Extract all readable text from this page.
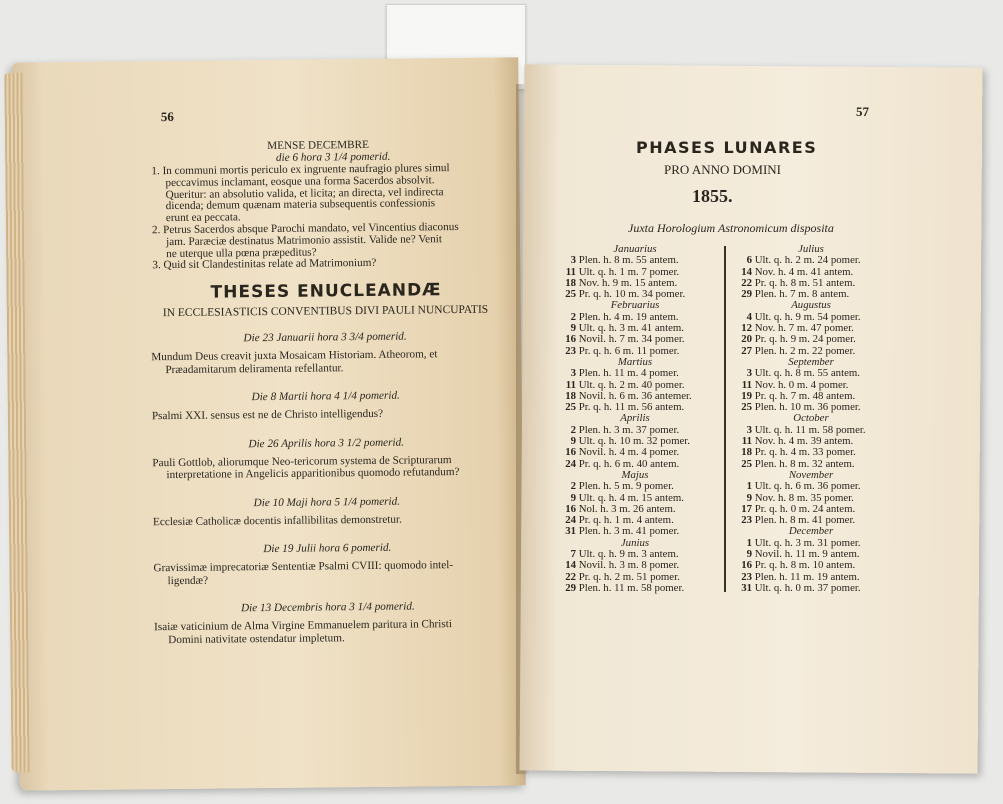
56
MENSE DECEMBRE
die 6 hora 3 1/4 pomerid.
1. In communi mortis periculo ex ingruente naufragio plures simul
peccavimus inclamant, eosque una forma Sacerdos absolvit.
Queritur: an absolutio valida, et licita; an directa, vel indirecta
dicenda; demum quænam materia subsequentis confessionis
erunt ea peccata.
2. Petrus Sacerdos absque Parochi mandato, vel Vincentius diaconus
jam. Paræciæ destinatus Matrimonio assistit. Valide ne? Venit
ne uterque ulla pœna præpeditus?
3. Quid sit Clandestinitas relate ad Matrimonium?
THESES ENUCLEANDÆ
IN ECCLESIASTICIS CONVENTIBUS DIVI PAULI NUNCUPATIS
Die 23 Januarii hora 3 3/4 pomerid.
Mundum Deus creavit juxta Mosaicam Historiam. Atheorom, et
Præadamitarum deliramenta refellantur.
Die 8 Martii hora 4 1/4 pomerid.
Psalmi XXI. sensus est ne de Christo intelligendus?
Die 26 Aprilis hora 3 1/2 pomerid.
Pauli Gottlob, aliorumque Neo-tericorum systema de Scripturarum
interpretatione in Angelicis apparitionibus quomodo refutandum?
Die 10 Maji hora 5 1/4 pomerid.
Ecclesiæ Catholicæ docentis infallibilitas demonstretur.
Die 19 Julii hora 6 pomerid.
Gravissimæ imprecatoriæ Sententiæ Psalmi CVIII: quomodo intel-
ligendæ?
Die 13 Decembris hora 3 1/4 pomerid.
Isaiæ vaticinium de Alma Virgine Emmanuelem paritura in Christi
Domini nativitate ostendatur impletum.
57
PHASES LUNARES
PRO ANNO DOMINI
1855.
Juxta Horologium Astronomicum disposita
Januarius
3 Plen. h. 8 m. 55 antem.
11 Ult. q. h. 1 m. 7 pomer.
18 Nov. h. 9 m. 15 antem.
25 Pr. q. h. 10 m. 34 pomer.
Februarius
2 Plen. h. 4 m. 19 antem.
9 Ult. q. h. 3 m. 41 antem.
16 Novil. h. 7 m. 34 pomer.
23 Pr. q. h. 6 m. 11 pomer.
Martius
3 Plen. h. 11 m. 4 pomer.
11 Ult. q. h. 2 m. 40 pomer.
18 Novil. h. 6 m. 36 antemer.
25 Pr. q. h. 11 m. 56 antem.
Aprilis
2 Plen. h. 3 m. 37 pomer.
9 Ult. q. h. 10 m. 32 pomer.
16 Novil. h. 4 m. 4 pomer.
24 Pr. q. h. 6 m. 40 antem.
Majus
2 Plen. h. 5 m. 9 pomer.
9 Ult. q. h. 4 m. 15 antem.
16 Nol. h. 3 m. 26 antem.
24 Pr. q. h. 1 m. 4 antem.
31 Plen. h. 3 m. 41 pomer.
Junius
7 Ult. q. h. 9 m. 3 antem.
14 Novil. h. 3 m. 8 pomer.
22 Pr. q. h. 2 m. 51 pomer.
29 Plen. h. 11 m. 58 pomer.
Julius
6 Ult. q. h. 2 m. 24 pomer.
14 Nov. h. 4 m. 41 antem.
22 Pr. q. h. 8 m. 51 antem.
29 Plen. h. 7 m. 8 antem.
Augustus
4 Ult. q. h. 9 m. 54 pomer.
12 Nov. h. 7 m. 47 pomer.
20 Pr. q. h. 9 m. 24 pomer.
27 Plen. h. 2 m. 22 pomer.
September
3 Ult. q. h. 8 m. 55 antem.
11 Nov. h. 0 m. 4 pomer.
19 Pr. q. h. 7 m. 48 antem.
25 Plen. h. 10 m. 36 pomer.
October
3 Ult. q. h. 11 m. 58 pomer.
11 Nov. h. 4 m. 39 antem.
18 Pr. q. h. 4 m. 33 pomer.
25 Plen. h. 8 m. 32 antem.
November
1 Ult. q. h. 6 m. 36 pomer.
9 Nov. h. 8 m. 35 pomer.
17 Pr. q. h. 0 m. 24 antem.
23 Plen. h. 8 m. 41 pomer.
December
1 Ult. q. h. 3 m. 31 pomer.
9 Novil. h. 11 m. 9 antem.
16 Pr. q. h. 8 m. 10 antem.
23 Plen. h. 11 m. 19 antem.
31 Ult. q. h. 0 m. 37 pomer.
